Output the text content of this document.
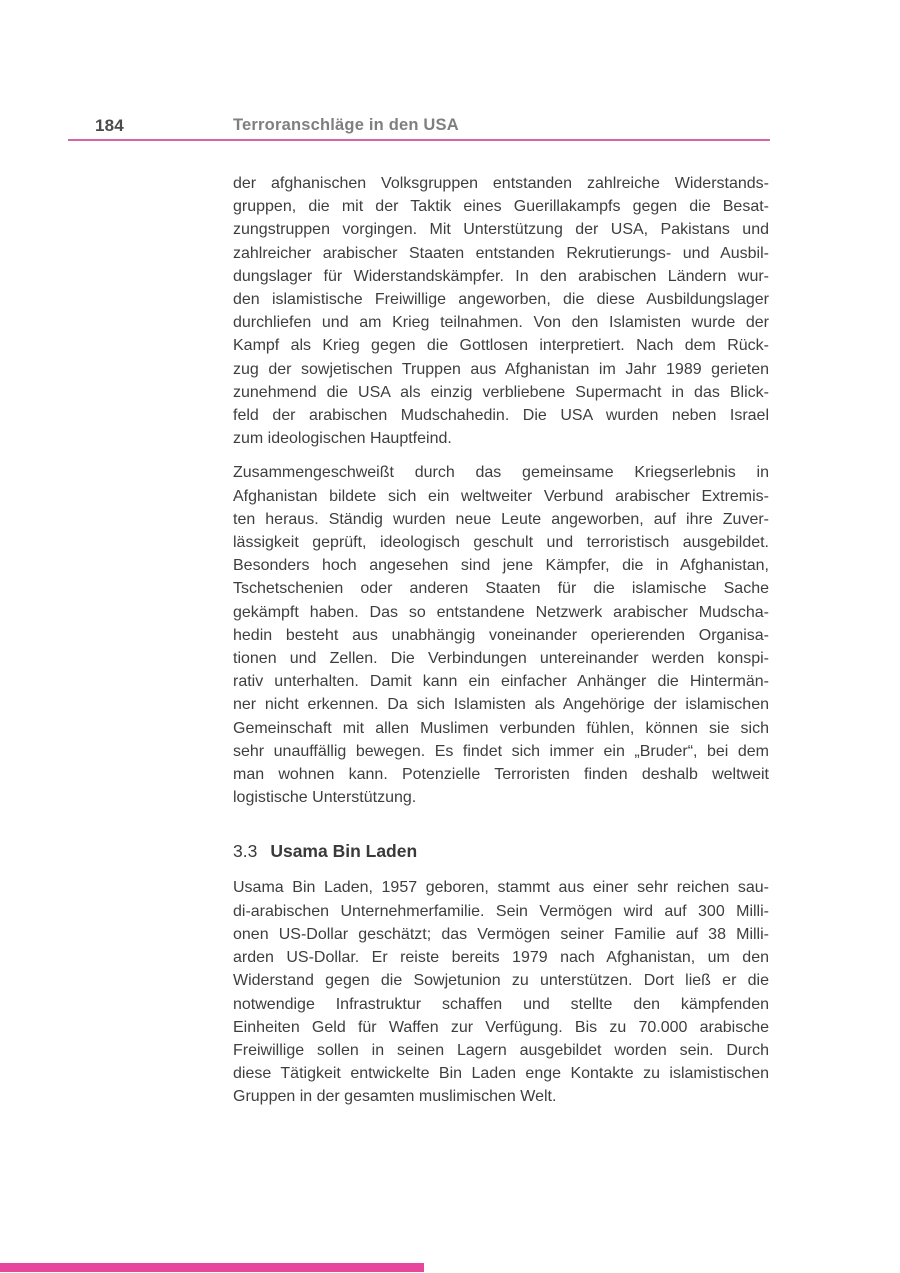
184	Terroranschläge in den USA
der afghanischen Volksgruppen entstanden zahlreiche Widerstands-
gruppen, die mit der Taktik eines Guerillakampfs gegen die Besat-
zungstruppen vorgingen. Mit Unterstützung der USA, Pakistans und
zahlreicher arabischer Staaten entstanden Rekrutierungs- und Ausbil-
dungslager für Widerstandskämpfer. In den arabischen Ländern wur-
den islamistische Freiwillige angeworben, die diese Ausbildungslager
durchliefen und am Krieg teilnahmen. Von den Islamisten wurde der
Kampf als Krieg gegen die Gottlosen interpretiert. Nach dem Rück-
zug der sowjetischen Truppen aus Afghanistan im Jahr 1989 gerieten
zunehmend die USA als einzig verbliebene Supermacht in das Blick-
feld der arabischen Mudschahedin. Die USA wurden neben Israel
zum ideologischen Hauptfeind.
Zusammengeschweißt durch das gemeinsame Kriegserlebnis in
Afghanistan bildete sich ein weltweiter Verbund arabischer Extremis-
ten heraus. Ständig wurden neue Leute angeworben, auf ihre Zuver-
lässigkeit geprüft, ideologisch geschult und terroristisch ausgebildet.
Besonders hoch angesehen sind jene Kämpfer, die in Afghanistan,
Tschetschenien oder anderen Staaten für die islamische Sache
gekämpft haben. Das so entstandene Netzwerk arabischer Mudscha-
hedin besteht aus unabhängig voneinander operierenden Organisa-
tionen und Zellen. Die Verbindungen untereinander werden konspi-
rativ unterhalten. Damit kann ein einfacher Anhänger die Hintermän-
ner nicht erkennen. Da sich Islamisten als Angehörige der islamischen
Gemeinschaft mit allen Muslimen verbunden fühlen, können sie sich
sehr unauffällig bewegen. Es findet sich immer ein „Bruder“, bei dem
man wohnen kann. Potenzielle Terroristen finden deshalb weltweit
logistische Unterstützung.
3.3 Usama Bin Laden
Usama Bin Laden, 1957 geboren, stammt aus einer sehr reichen sau-
di-arabischen Unternehmerfamilie. Sein Vermögen wird auf 300 Milli-
onen US-Dollar geschätzt; das Vermögen seiner Familie auf 38 Milli-
arden US-Dollar. Er reiste bereits 1979 nach Afghanistan, um den
Widerstand gegen die Sowjetunion zu unterstützen. Dort ließ er die
notwendige Infrastruktur schaffen und stellte den kämpfenden
Einheiten Geld für Waffen zur Verfügung. Bis zu 70.000 arabische
Freiwillige sollen in seinen Lagern ausgebildet worden sein. Durch
diese Tätigkeit entwickelte Bin Laden enge Kontakte zu islamistischen
Gruppen in der gesamten muslimischen Welt.
